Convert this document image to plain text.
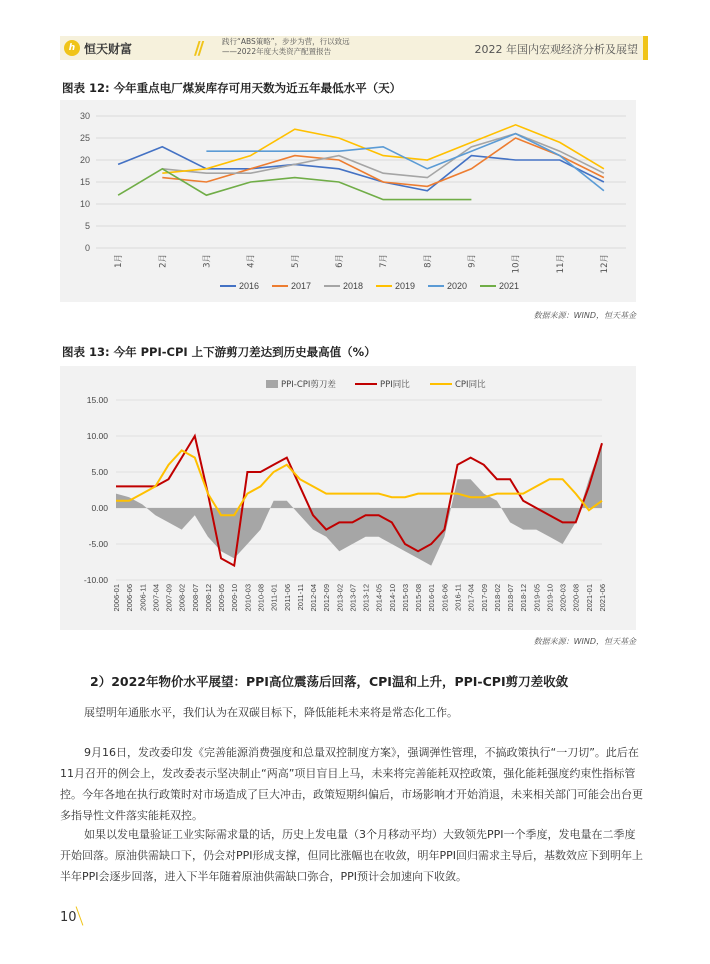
ℎ 恒天财富	//	践行“ABS策略”，步步为营，行以致远
——2022年度大类资产配置报告	2022 年国内宏观经济分析及展望
图表 12: 今年重点电厂煤炭库存可用天数为近五年最低水平（天）
0
5
10
15
20
25
30
1月	2月	3月	4月	5月	6月	7月	8月	9月	10月	11月	12月
2016	2017	2018	2019	2020	2021
数据来源：WIND，恒天基金
图表 13: 今年 PPI-CPI 上下游剪刀差达到历史最高值（%）
15.00
10.00
5.00
0.00
-5.00
-10.00
2006-01 2006-06 2006-11 2007-04 2007-09 2008-02 2008-07 2008-12 2009-05 2009-10 2010-03 2010-08 2011-01 2011-06 2011-11 2012-04 2012-09 2013-02 2013-07 2013-12 2014-05 2014-10 2015-03 2015-08 2016-01 2016-06 2016-11 2017-04 2017-09 2018-02 2018-07 2018-12 2019-05 2019-10 2020-03 2020-08 2021-01 2021-06
PPI-CPI剪刀差	PPI同比	CPI同比
数据来源：WIND，恒天基金
2）2022年物价水平展望：PPI高位震荡后回落，CPI温和上升，PPI-CPI剪刀差收敛

展望明年通胀水平，我们认为在双碳目标下，降低能耗未来将是常态化工作。

9月16日，发改委印发《完善能源消费强度和总量双控制度方案》，强调弹性管理，不搞政策执行“一刀切”。此后在11月召开的例会上，发改委表示坚决制止“两高”项目盲目上马，未来将完善能耗双控政策，强化能耗强度约束性指标管控。今年各地在执行政策时对市场造成了巨大冲击，政策短期纠偏后，市场影响才开始消退，未来相关部门可能会出台更多指导性文件落实能耗双控。

如果以发电量验证工业实际需求量的话，历史上发电量（3个月移动平均）大致领先PPI一个季度，发电量在二季度开始回落。原油供需缺口下，仍会对PPI形成支撑，但同比涨幅也在收敛，明年PPI回归需求主导后，基数效应下到明年上半年PPI会逐步回落，进入下半年随着原油供需缺口弥合，PPI预计会加速向下收敛。

10
